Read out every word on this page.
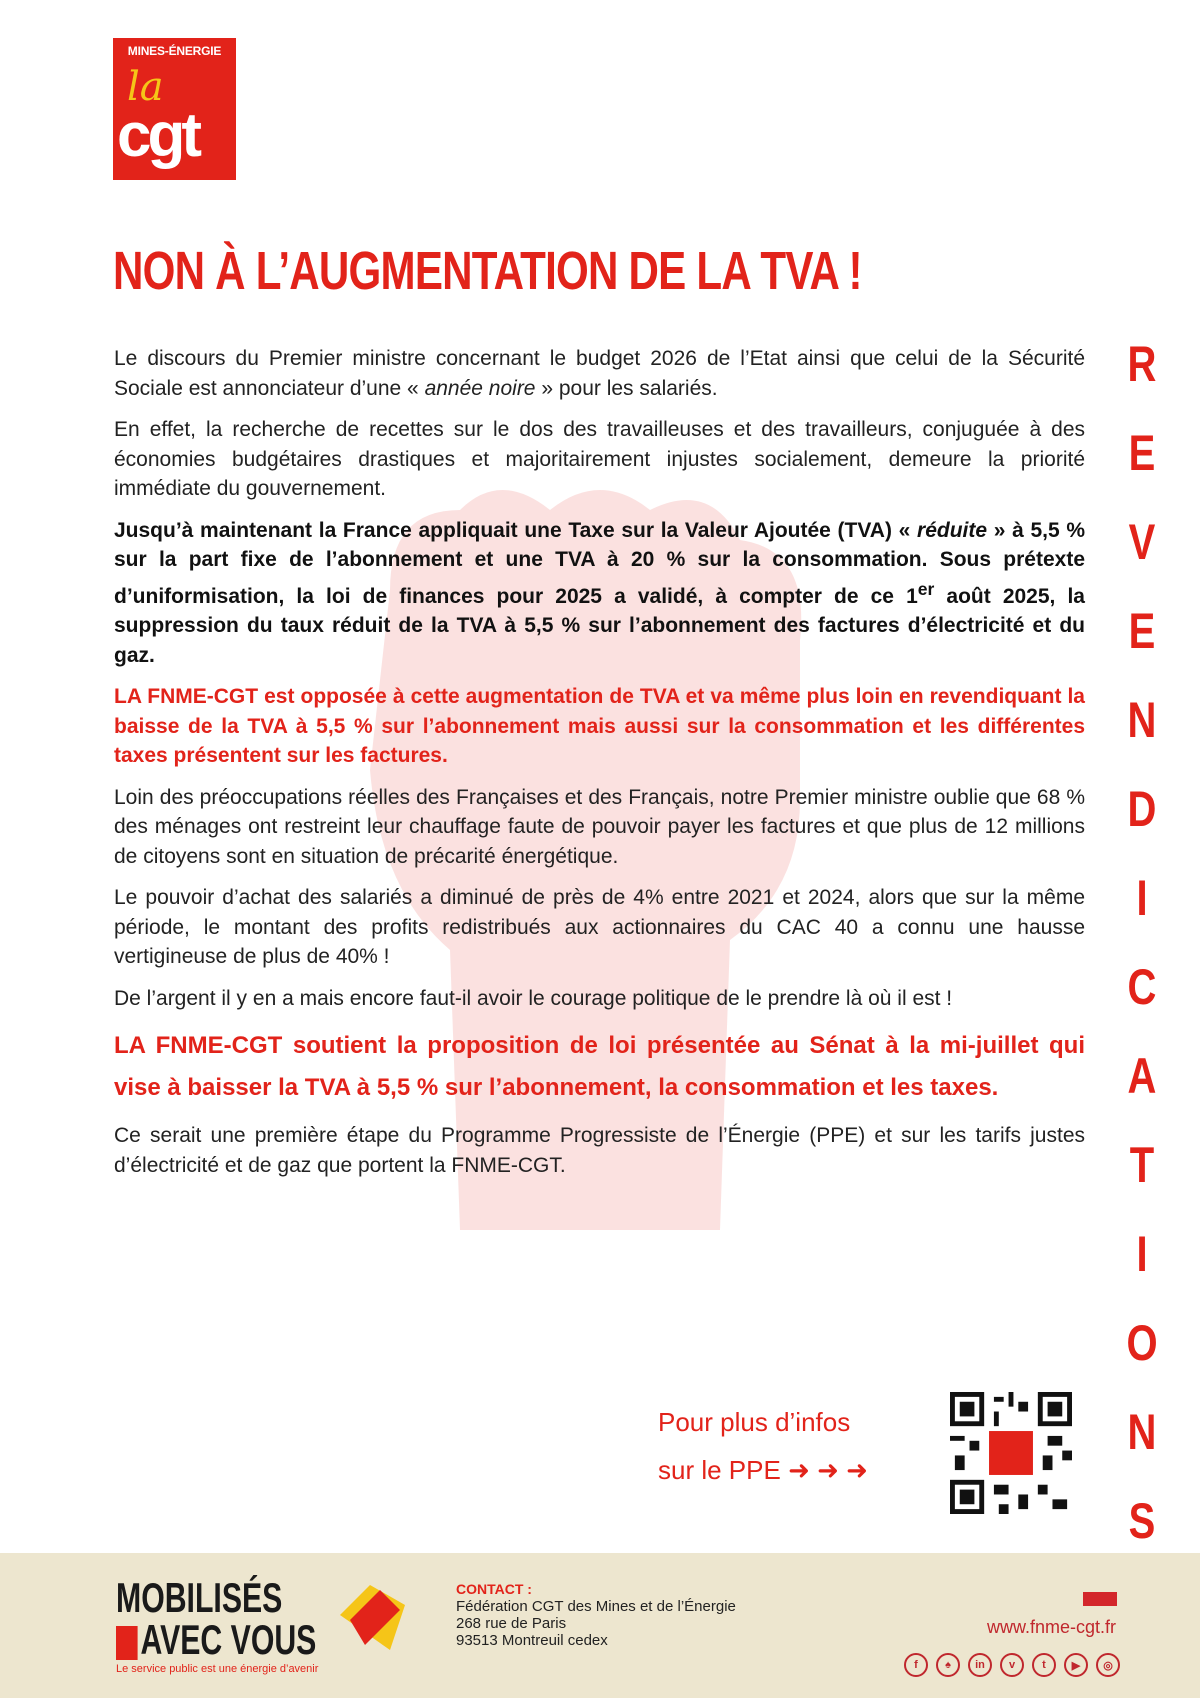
MINES-ÉNERGIE
la
cgt
NON À L’AUGMENTATION DE LA TVA !

Le discours du Premier ministre concernant le budget 2026 de l’Etat ainsi que celui de la Sécurité Sociale est annonciateur d’une « année noire » pour les salariés.

En effet, la recherche de recettes sur le dos des travailleuses et des travailleurs, conjuguée à des économies budgétaires drastiques et majoritairement injustes socialement, demeure la priorité immédiate du gouvernement.

Jusqu’à maintenant la France appliquait une Taxe sur la Valeur Ajoutée (TVA) « réduite » à 5,5 % sur la part fixe de l’abonnement et une TVA à 20 % sur la consommation. Sous prétexte d’uniformisation, la loi de finances pour 2025 a validé, à compter de ce 1er août 2025, la suppression du taux réduit de la TVA à 5,5 % sur l’abonnement des factures d’électricité et du gaz.

LA FNME-CGT est opposée à cette augmentation de TVA et va même plus loin en revendiquant la baisse de la TVA à 5,5 % sur l’abonnement mais aussi sur la consommation et les différentes taxes présentent sur les factures.

Loin des préoccupations réelles des Françaises et des Français, notre Premier ministre oublie que 68 % des ménages ont restreint leur chauffage faute de pouvoir payer les factures et que plus de 12 millions de citoyens sont en situation de précarité énergétique.

Le pouvoir d’achat des salariés a diminué de près de 4% entre 2021 et 2024, alors que sur la même période, le montant des profits redistribués aux actionnaires du CAC 40 a connu une hausse vertigineuse de plus de 40% !

De l’argent il y en a mais encore faut-il avoir le courage politique de le prendre là où il est !

LA FNME-CGT soutient la proposition de loi présentée au Sénat à la mi-juillet qui vise à baisser la TVA à 5,5 % sur l’abonnement, la consommation et les taxes.

Ce serait une première étape du Programme Progressiste de l’Énergie (PPE) et sur les tarifs justes d’électricité et de gaz que portent la FNME-CGT.

R
E
V
E
N
D
I
C
A
T
I
O
N
S
Pour plus d’infos
sur le PPE ➜ ➜ ➜
MOBILISÉS
AVEC VOUS
Le service public est une énergie d’avenir
CONTACT :
Fédération CGT des Mines et de l’Énergie
268 rue de Paris
93513 Montreuil cedex
www.fnme-cgt.fr
f	♠	in	v	t	▶	◎
